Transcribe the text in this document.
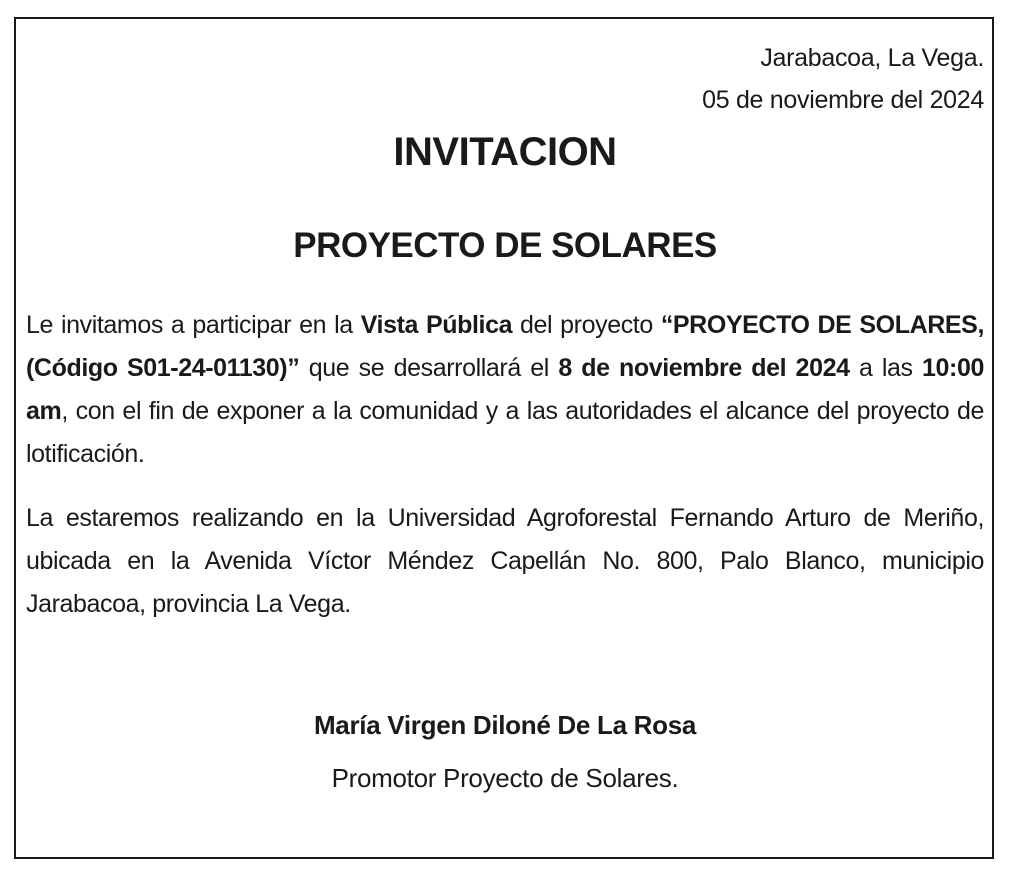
Jarabacoa, La Vega.
05 de noviembre del 2024
INVITACION
PROYECTO DE SOLARES

Le invitamos a participar en la Vista Pública del proyecto “PROYECTO DE SOLARES, (Código S01-24-01130)” que se desarrollará el 8 de noviembre del 2024 a las 10:00 am, con el fin de exponer a la comunidad y a las autoridades el alcance del proyecto de lotificación.

La estaremos realizando en la Universidad Agroforestal Fernando Arturo de Meriño, ubicada en la Avenida Víctor Méndez Capellán No. 800, Palo Blanco, municipio Jarabacoa, provincia La Vega.

María Virgen Diloné De La Rosa
Promotor Proyecto de Solares.
